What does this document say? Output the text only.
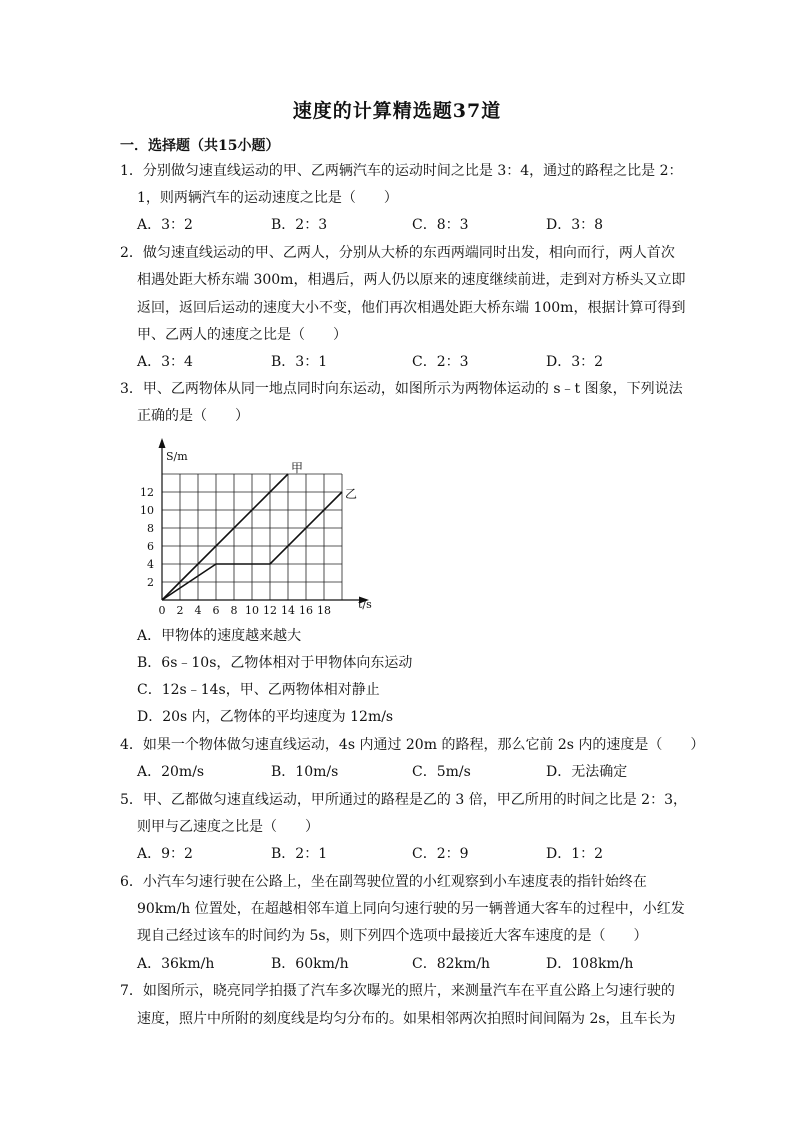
速度的计算精选题37道
一．选择题（共15小题）
1．分别做匀速直线运动的甲、乙两辆汽车的运动时间之比是 3：4，通过的路程之比是 2：
1，则两辆汽车的运动速度之比是（　　）
A．3：2	B．2：3	C．8：3	D．3：8
2．做匀速直线运动的甲、乙两人，分别从大桥的东西两端同时出发，相向而行，两人首次
相遇处距大桥东端 300m，相遇后，两人仍以原来的速度继续前进，走到对方桥头又立即
返回，返回后运动的速度大小不变，他们再次相遇处距大桥东端 100m，根据计算可得到
甲、乙两人的速度之比是（　　）
A．3：4	B．3：1	C．2：3	D．3：2
3．甲、乙两物体从同一地点同时向东运动，如图所示为两物体运动的 s﹣t 图象，下列说法
正确的是（　　）
S/m
t/s
0 2 4 6 8 10 12 14 16 18
2
4
6
8
10
12
甲
乙
A．甲物体的速度越来越大
B．6s﹣10s，乙物体相对于甲物体向东运动
C．12s﹣14s，甲、乙两物体相对静止
D．20s 内，乙物体的平均速度为 12m/s
4．如果一个物体做匀速直线运动，4s 内通过 20m 的路程，那么它前 2s 内的速度是（　　）
A．20m/s	B．10m/s	C．5m/s	D．无法确定
5．甲、乙都做匀速直线运动，甲所通过的路程是乙的 3 倍，甲乙所用的时间之比是 2：3，
则甲与乙速度之比是（　　）
A．9：2	B．2：1	C．2：9	D．1：2
6．小汽车匀速行驶在公路上，坐在副驾驶位置的小红观察到小车速度表的指针始终在
90km/h 位置处，在超越相邻车道上同向匀速行驶的另一辆普通大客车的过程中，小红发
现自己经过该车的时间约为 5s，则下列四个选项中最接近大客车速度的是（　　）
A．36km/h	B．60km/h	C．82km/h	D．108km/h
7．如图所示，晓亮同学拍摄了汽车多次曝光的照片，来测量汽车在平直公路上匀速行驶的
速度，照片中所附的刻度线是均匀分布的。如果相邻两次拍照时间间隔为 2s，且车长为
